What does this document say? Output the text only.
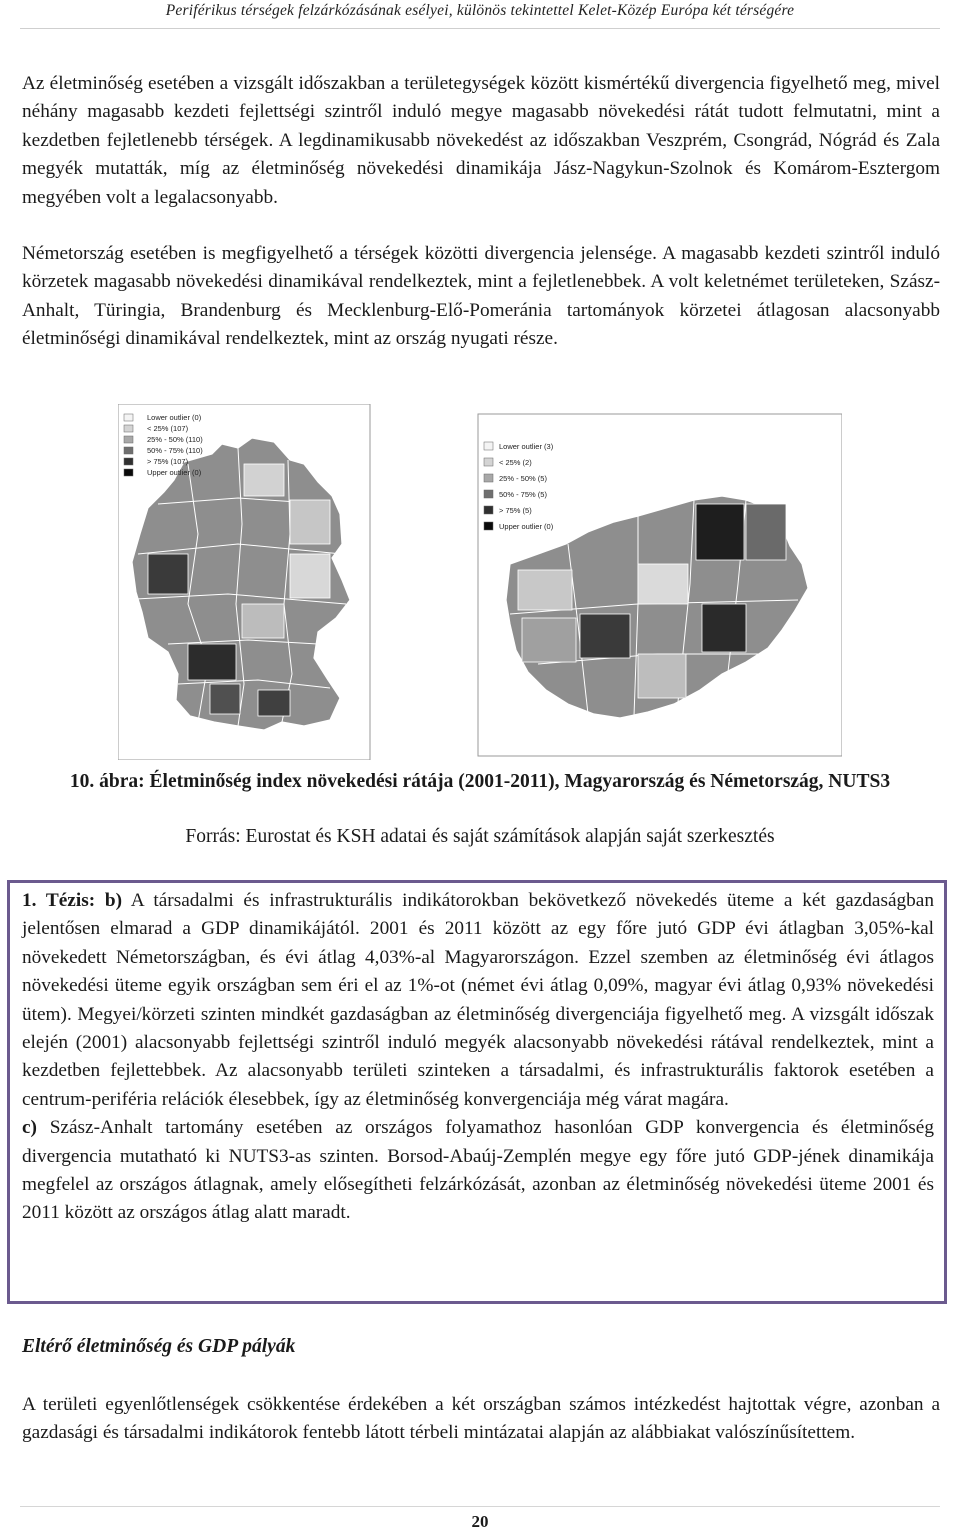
Periférikus térségek felzárkózásának esélyei, különös tekintettel Kelet-Közép Európa két térségére

Az életminőség esetében a vizsgált időszakban a területegységek között kismértékű divergencia figyelhető meg, mivel néhány magasabb kezdeti fejlettségi szintről induló megye magasabb növekedési rátát tudott felmutatni, mint a kezdetben fejletlenebb térségek. A legdinamikusabb növekedést az időszakban Veszprém, Csongrád, Nógrád és Zala megyék mutatták, míg az életminőség növekedési dinamikája Jász-Nagykun-Szolnok és Komárom-Esztergom megyében volt a legalacsonyabb.

Németország esetében is megfigyelhető a térségek közötti divergencia jelensége. A magasabb kezdeti szintről induló körzetek magasabb növekedési dinamikával rendelkeztek, mint a fejletlenebbek. A volt keletnémet területeken, Szász-Anhalt, Türingia, Brandenburg és Mecklenburg-Elő-Pomeránia tartományok körzetei átlagosan alacsonyabb életminőségi dinamikával rendelkeztek, mint az ország nyugati része.

Lower outlier (0)
< 25% (107)
25% - 50% (110)
50% - 75% (110)
> 75% (107)
Upper outlier (0)
Lower outlier (3)
< 25% (2)
25% - 50% (5)
50% - 75% (5)
> 75% (5)
Upper outlier (0)
10. ábra: Életminőség index növekedési rátája (2001-2011), Magyarország és Németország, NUTS3
Forrás: Eurostat és KSH adatai és saját számítások alapján saját szerkesztés

1. Tézis: b) A társadalmi és infrastrukturális indikátorokban bekövetkező növekedés üteme a két gazdaságban jelentősen elmarad a GDP dinamikájától. 2001 és 2011 között az egy főre jutó GDP évi átlagban 3,05%-kal növekedett Németországban, és évi átlag 4,03%-al Magyarországon. Ezzel szemben az életminőség évi átlagos növekedési üteme egyik országban sem éri el az 1%-ot (német évi átlag 0,09%, magyar évi átlag 0,93% növekedési ütem). Megyei/körzeti szinten mindkét gazdaságban az életminőség divergenciája figyelhető meg. A vizsgált időszak elején (2001) alacsonyabb fejlettségi szintről induló megyék alacsonyabb növekedési rátával rendelkeztek, mint a kezdetben fejlettebbek. Az alacsonyabb területi szinteken a társadalmi, és infrastrukturális faktorok esetében a centrum-periféria relációk élesebbek, így az életminőség konvergenciája még várat magára.

c) Szász-Anhalt tartomány esetében az országos folyamathoz hasonlóan GDP konvergencia és életminőség divergencia mutatható ki NUTS3-as szinten. Borsod-Abaúj-Zemplén megye egy főre jutó GDP-jének dinamikája megfelel az országos átlagnak, amely elősegítheti felzárkózását, azonban az életminőség növekedési üteme 2001 és 2011 között az országos átlag alatt maradt.

Eltérő életminőség és GDP pályák

A területi egyenlőtlenségek csökkentése érdekében a két országban számos intézkedést hajtottak végre, azonban a gazdasági és társadalmi indikátorok fentebb látott térbeli mintázatai alapján az alábbiakat valószínűsítettem.

20
